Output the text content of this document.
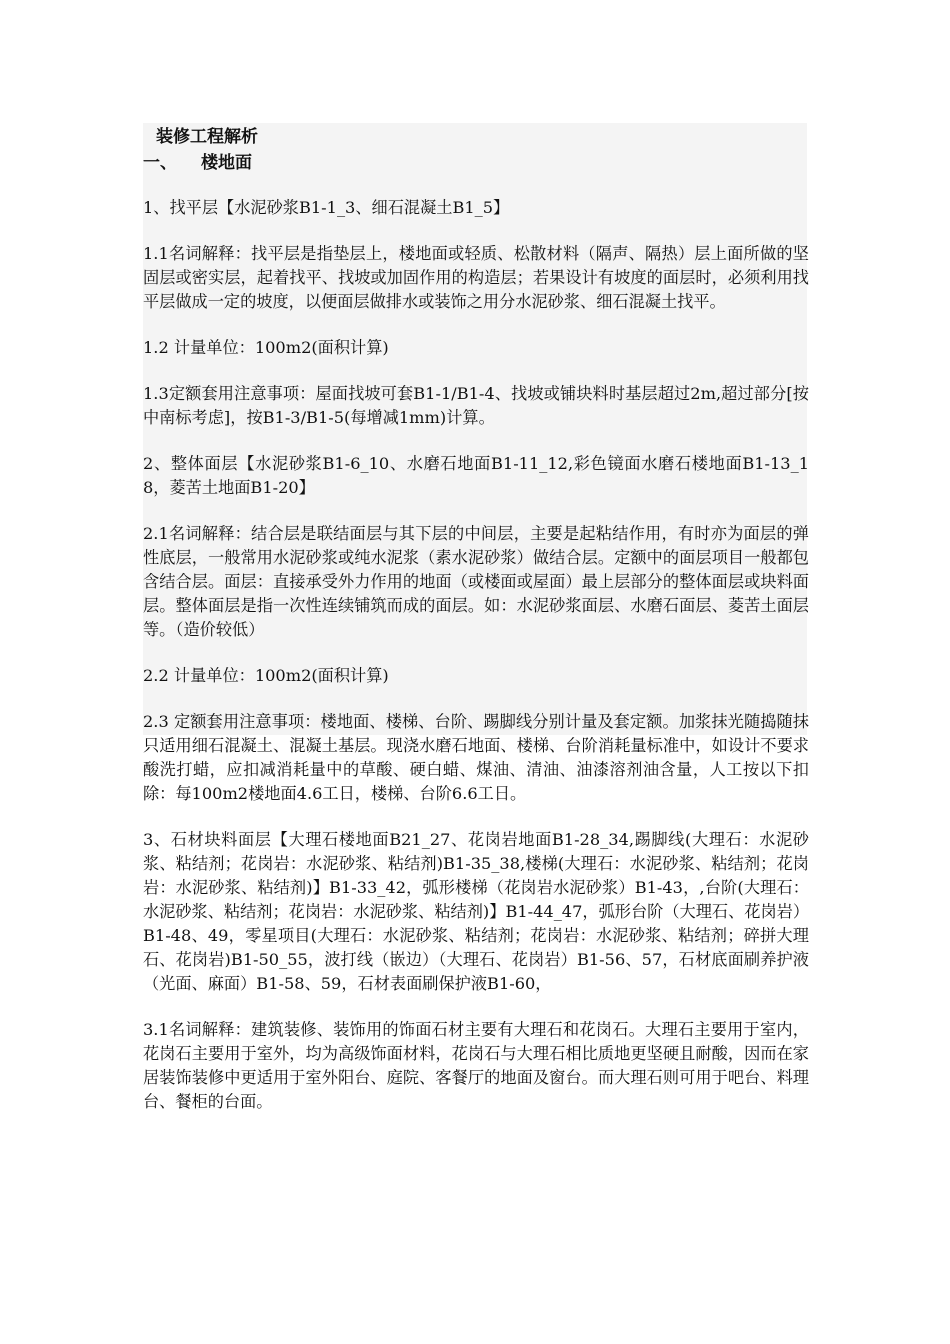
装修工程解析
一、 楼地面

1、找平层【水泥砂浆B1-1_3、细石混凝土B1_5】

1.1名词解释：找平层是指垫层上，楼地面或轻质、松散材料（隔声、隔热）层上面所做的坚固层或密实层，起着找平、找坡或加固作用的构造层；若果设计有坡度的面层时，必须利用找平层做成一定的坡度，以便面层做排水或装饰之用分水泥砂浆、细石混凝土找平。

1.2 计量单位：100m2(面积计算)

1.3定额套用注意事项：屋面找坡可套B1-1/B1-4、找坡或铺块料时基层超过2m,超过部分[按中南标考虑]，按B1-3/B1-5(每增减1mm)计算。

2、整体面层【水泥砂浆B1-6_10、水磨石地面B1-11_12,彩色镜面水磨石楼地面B1-13_18，菱苦土地面B1-20】

2.1名词解释：结合层是联结面层与其下层的中间层，主要是起粘结作用，有时亦为面层的弹性底层，一般常用水泥砂浆或纯水泥浆（素水泥砂浆）做结合层。定额中的面层项目一般都包含结合层。面层：直接承受外力作用的地面（或楼面或屋面）最上层部分的整体面层或块料面层。整体面层是指一次性连续铺筑而成的面层。如：水泥砂浆面层、水磨石面层、菱苦土面层等。（造价较低）

2.2 计量单位：100m2(面积计算)

2.3 定额套用注意事项：楼地面、楼梯、台阶、踢脚线分别计量及套定额。加浆抹光随捣随抹只适用细石混凝土、混凝土基层。现浇水磨石地面、楼梯、台阶消耗量标准中，如设计不要求酸洗打蜡，应扣减消耗量中的草酸、硬白蜡、煤油、清油、油漆溶剂油含量，人工按以下扣除：每100m2楼地面4.6工日，楼梯、台阶6.6工日。

3、石材块料面层【大理石楼地面B21_27、花岗岩地面B1-28_34,踢脚线(大理石：水泥砂浆、粘结剂；花岗岩：水泥砂浆、粘结剂)B1-35_38,楼梯(大理石：水泥砂浆、粘结剂；花岗岩：水泥砂浆、粘结剂)】B1-33_42，弧形楼梯（花岗岩水泥砂浆）B1-43，,台阶(大理石：水泥砂浆、粘结剂；花岗岩：水泥砂浆、粘结剂)】B1-44_47，弧形台阶（大理石、花岗岩）B1-48、49，零星项目(大理石：水泥砂浆、粘结剂；花岗岩：水泥砂浆、粘结剂；碎拼大理石、花岗岩)B1-50_55，波打线（嵌边）（大理石、花岗岩）B1-56、57，石材底面刷养护液（光面、麻面）B1-58、59，石材表面刷保护液B1-60，

3.1名词解释：建筑装修、装饰用的饰面石材主要有大理石和花岗石。大理石主要用于室内，花岗石主要用于室外，均为高级饰面材料，花岗石与大理石相比质地更坚硬且耐酸，因而在家居装饰装修中更适用于室外阳台、庭院、客餐厅的地面及窗台。而大理石则可用于吧台、料理台、餐柜的台面。
